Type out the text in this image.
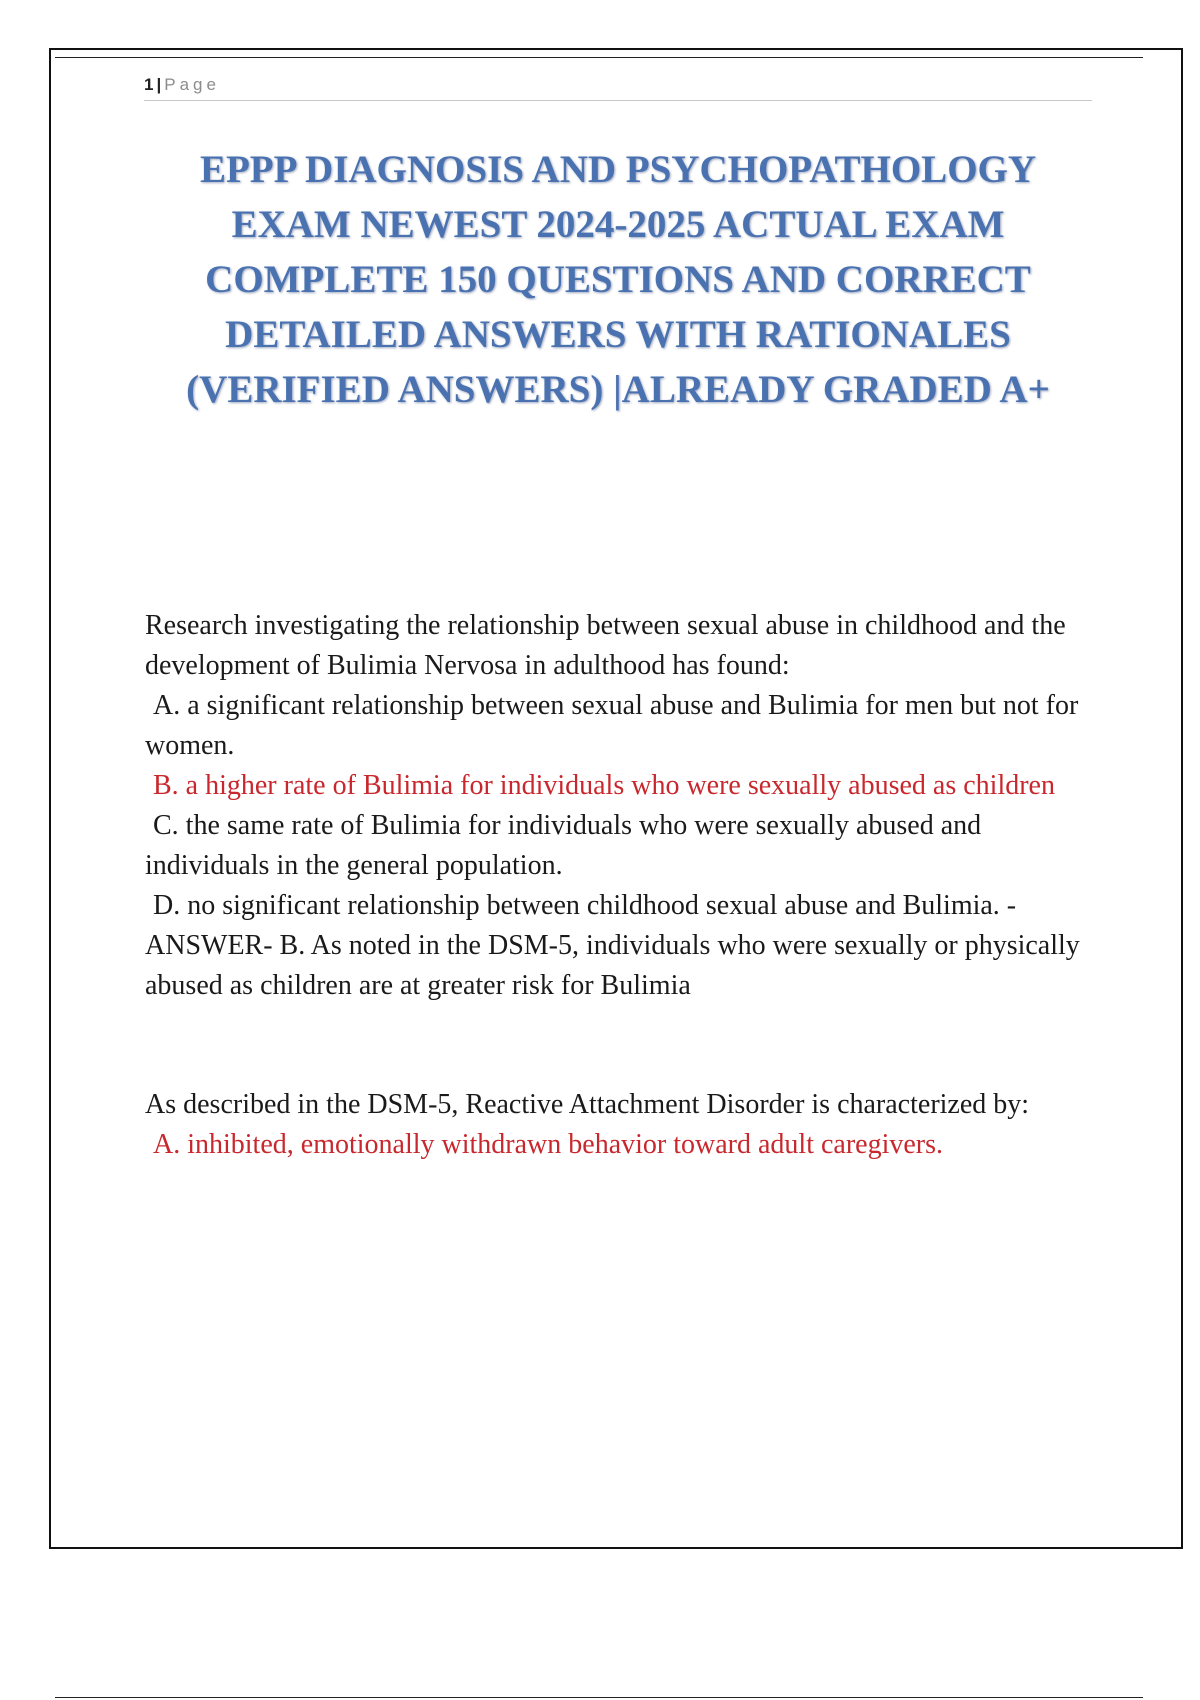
1 | Page
EPPP DIAGNOSIS AND PSYCHOPATHOLOGY
EXAM NEWEST 2024-2025 ACTUAL EXAM
COMPLETE 150 QUESTIONS AND CORRECT
DETAILED ANSWERS WITH RATIONALES
(VERIFIED ANSWERS) |ALREADY GRADED A+

Research investigating the relationship between sexual abuse in childhood and the development of Bulimia Nervosa in adulthood has found:

A. a significant relationship between sexual abuse and Bulimia for men but not for women.

B. a higher rate of Bulimia for individuals who were sexually abused as children

C. the same rate of Bulimia for individuals who were sexually abused and individuals in the general population.

D. no significant relationship between childhood sexual abuse and Bulimia. - ANSWER- B. As noted in the DSM-5, individuals who were sexually or physically abused as children are at greater risk for Bulimia

As described in the DSM-5, Reactive Attachment Disorder is characterized by:

A. inhibited, emotionally withdrawn behavior toward adult caregivers.
